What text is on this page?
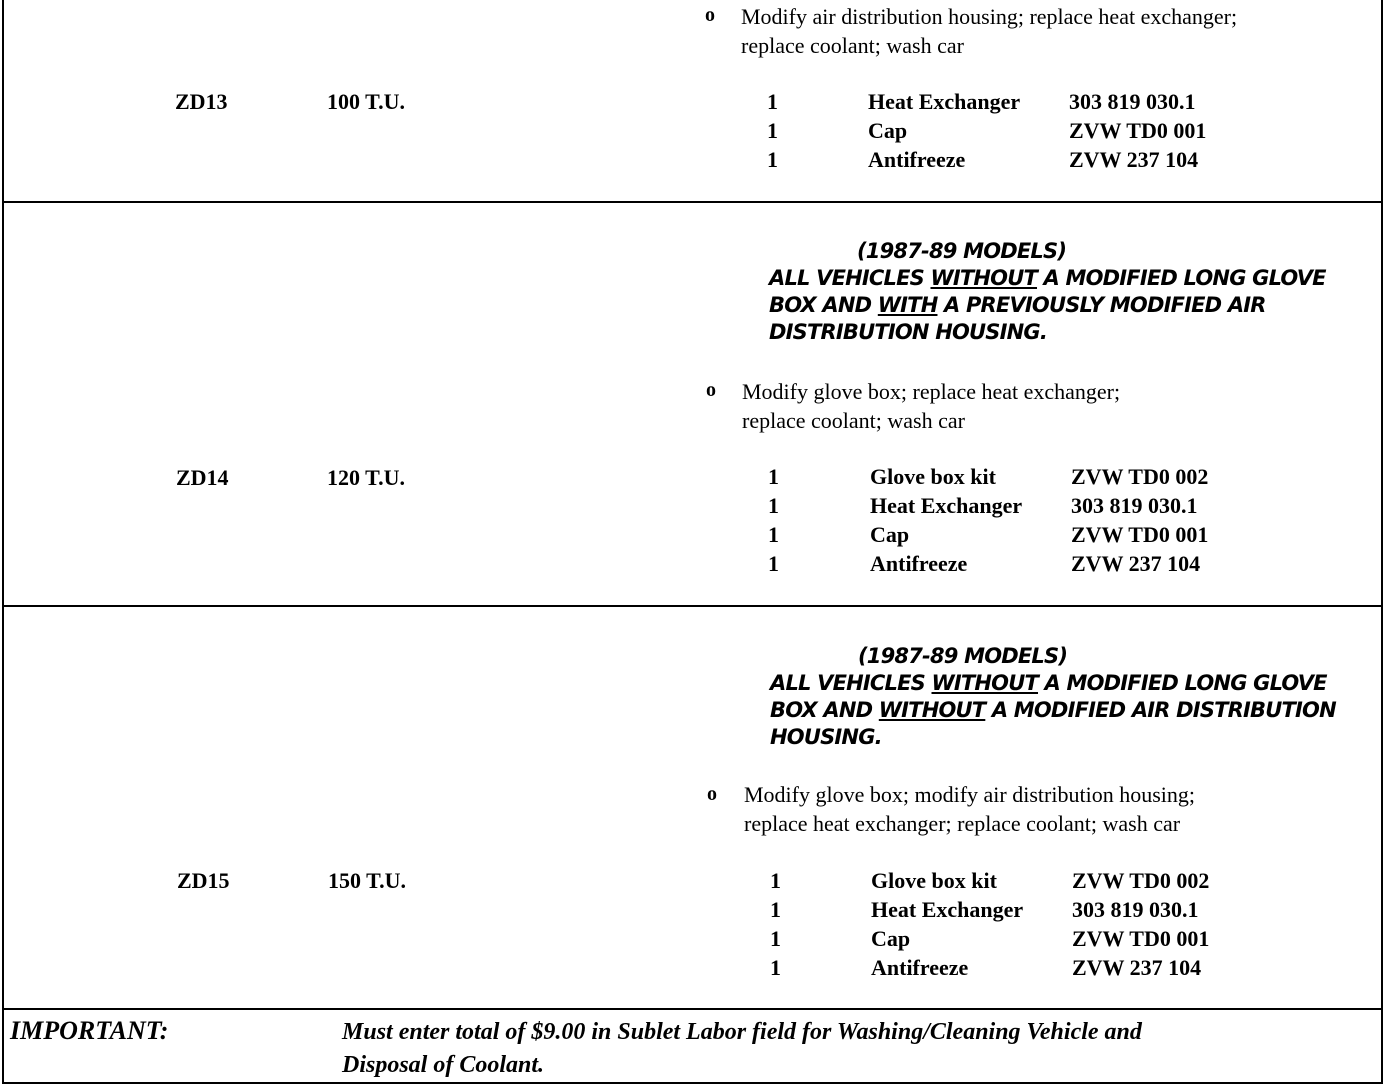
o Modify air distribution housing; replace heat exchanger;
replace coolant; wash car
ZD13	100 T.U.	1	Heat Exchanger 303 819 030.1
1	Cap	ZVW TD0 001
1	Antifreeze	ZVW 237 104
(1987-89 MODELS)
ALL VEHICLES WITHOUT A MODIFIED LONG GLOVE
BOX AND WITH A PREVIOUSLY MODIFIED AIR
DISTRIBUTION HOUSING.
o Modify glove box; replace heat exchanger;
replace coolant; wash car
ZD14	120 T.U.	1	Glove box kit	ZVW TD0 002
1	Heat Exchanger 303 819 030.1
1	Cap	ZVW TD0 001
1	Antifreeze	ZVW 237 104
(1987-89 MODELS)
ALL VEHICLES WITHOUT A MODIFIED LONG GLOVE
BOX AND WITHOUT A MODIFIED AIR DISTRIBUTION
HOUSING.
o Modify glove box; modify air distribution housing;
replace heat exchanger; replace coolant; wash car
ZD15	150 T.U.	1	Glove box kit	ZVW TD0 002
1	Heat Exchanger 303 819 030.1
1	Cap	ZVW TD0 001
1	Antifreeze	ZVW 237 104
IMPORTANT:	Must enter total of $9.00 in Sublet Labor field for Washing/Cleaning Vehicle and
Disposal of Coolant.
